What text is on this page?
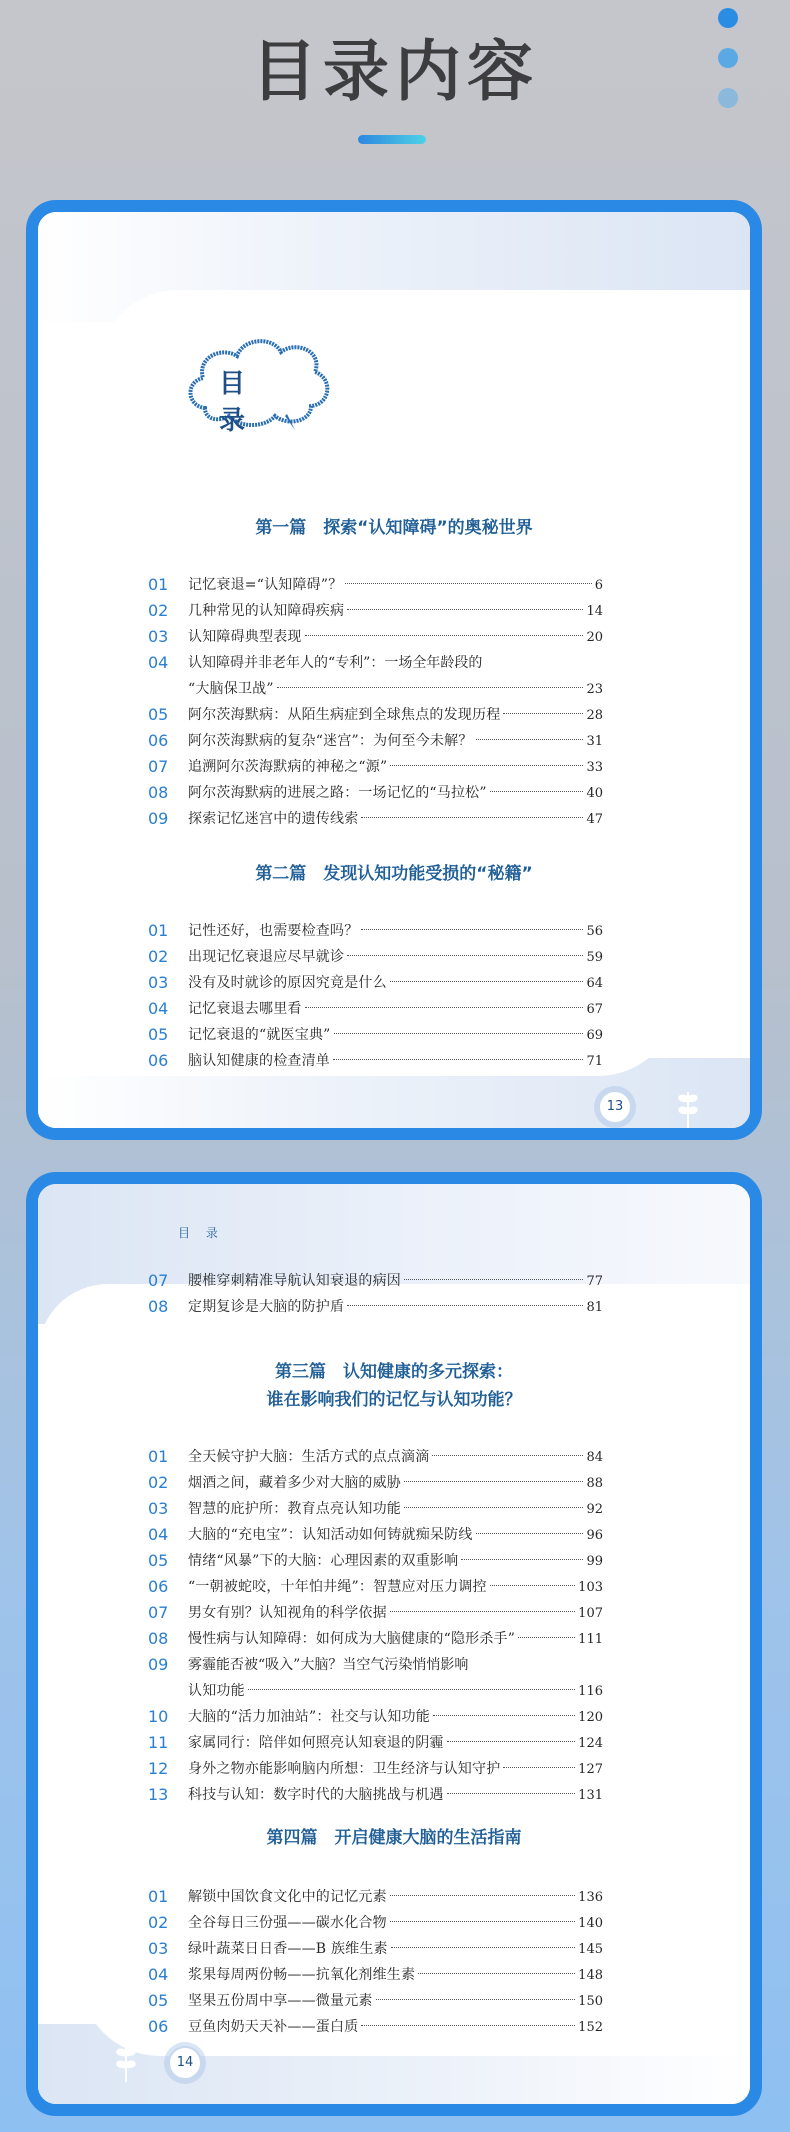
目录内容
目 录
第一篇　探索“认知障碍”的奥秘世界
01	记忆衰退=“认知障碍”？	6
02	几种常见的认知障碍疾病	14
03	认知障碍典型表现	20
04	认知障碍并非老年人的“专利”：一场全年龄段的
“大脑保卫战”	23
05	阿尔茨海默病：从陌生病症到全球焦点的发现历程	28
06	阿尔茨海默病的复杂“迷宫”：为何至今未解？	31
07	追溯阿尔茨海默病的神秘之“源”	33
08	阿尔茨海默病的进展之路：一场记忆的“马拉松”	40
09	探索记忆迷宫中的遗传线索	47
第二篇　发现认知功能受损的“秘籍”
01	记性还好，也需要检查吗？	56
02	出现记忆衰退应尽早就诊	59
03	没有及时就诊的原因究竟是什么	64
04	记忆衰退去哪里看	67
05	记忆衰退的“就医宝典”	69
06	脑认知健康的检查清单	71
13
目 录
07	腰椎穿刺精准导航认知衰退的病因	77
08	定期复诊是大脑的防护盾	81
第三篇　认知健康的多元探索：
谁在影响我们的记忆与认知功能？
01	全天候守护大脑：生活方式的点点滴滴	84
02	烟酒之间，藏着多少对大脑的威胁	88
03	智慧的庇护所：教育点亮认知功能	92
04	大脑的“充电宝”：认知活动如何铸就痴呆防线	96
05	情绪“风暴”下的大脑：心理因素的双重影响	99
06	“一朝被蛇咬，十年怕井绳”：智慧应对压力调控	103
07	男女有别？认知视角的科学依据	107
08	慢性病与认知障碍：如何成为大脑健康的“隐形杀手”	111
09	雾霾能否被“吸入”大脑？当空气污染悄悄影响
认知功能	116
10	大脑的“活力加油站”：社交与认知功能	120
11	家属同行：陪伴如何照亮认知衰退的阴霾	124
12	身外之物亦能影响脑内所想：卫生经济与认知守护	127
13	科技与认知：数字时代的大脑挑战与机遇	131
第四篇　开启健康大脑的生活指南
01	解锁中国饮食文化中的记忆元素	136
02	全谷每日三份强——碳水化合物	140
03	绿叶蔬菜日日香——B 族维生素	145
04	浆果每周两份畅——抗氧化剂维生素	148
05	坚果五份周中享——微量元素	150
06	豆鱼肉奶天天补——蛋白质	152
14
